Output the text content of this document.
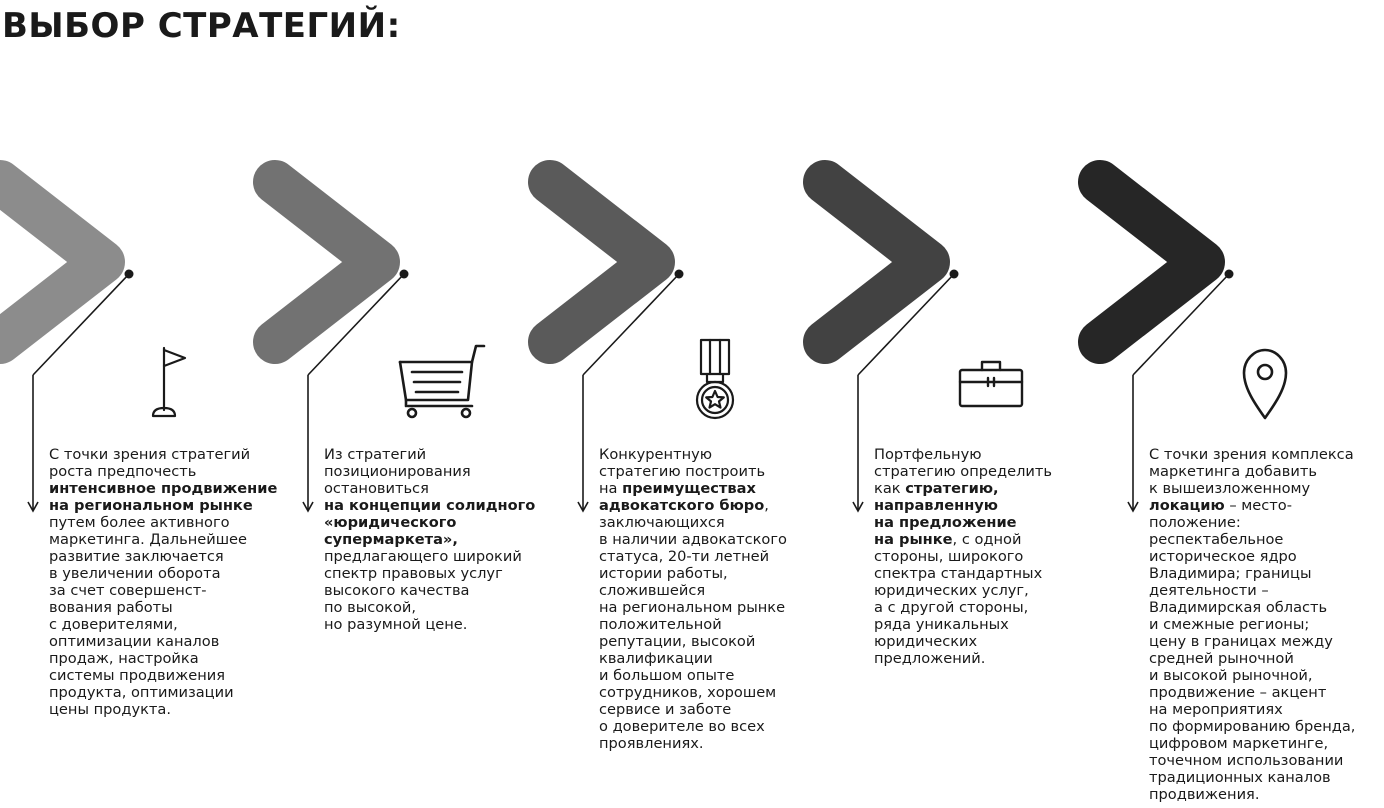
ВЫБОР СТРАТЕГИЙ:
С точки зрения стратегий
роста предпочесть
интенсивное продвижение
на региональном рынке
путем более активного
маркетинга. Дальнейшее
развитие заключается
в увеличении оборота
за счет совершенст-
вования работы
с доверителями,
оптимизации каналов
продаж, настройка
системы продвижения
продукта, оптимизации
цены продукта.
Из стратегий
позиционирования
остановиться
на концепции солидного
«юридического
супермаркета»,
предлагающего широкий
спектр правовых услуг
высокого качества
по высокой,
но разумной цене.
Конкурентную
стратегию построить
на преимуществах
адвокатского бюро,
заключающихся
в наличии адвокатского
статуса, 20-ти летней
истории работы,
сложившейся
на региональном рынке
положительной
репутации, высокой
квалификации
и большом опыте
сотрудников, хорошем
сервисе и заботе
о доверителе во всех
проявлениях.
Портфельную
стратегию определить
как стратегию,
направленную
на предложение
на рынке, с одной
стороны, широкого
спектра стандартных
юридических услуг,
а с другой стороны,
ряда уникальных
юридических
предложений.
С точки зрения комплекса
маркетинга добавить
к вышеизложенному
локацию – место-
положение:
респектабельное
историческое ядро
Владимира; границы
деятельности –
Владимирская область
и смежные регионы;
цену в границах между
средней рыночной
и высокой рыночной,
продвижение – акцент
на мероприятиях
по формированию бренда,
цифровом маркетинге,
точечном использовании
традиционных каналов
продвижения.
